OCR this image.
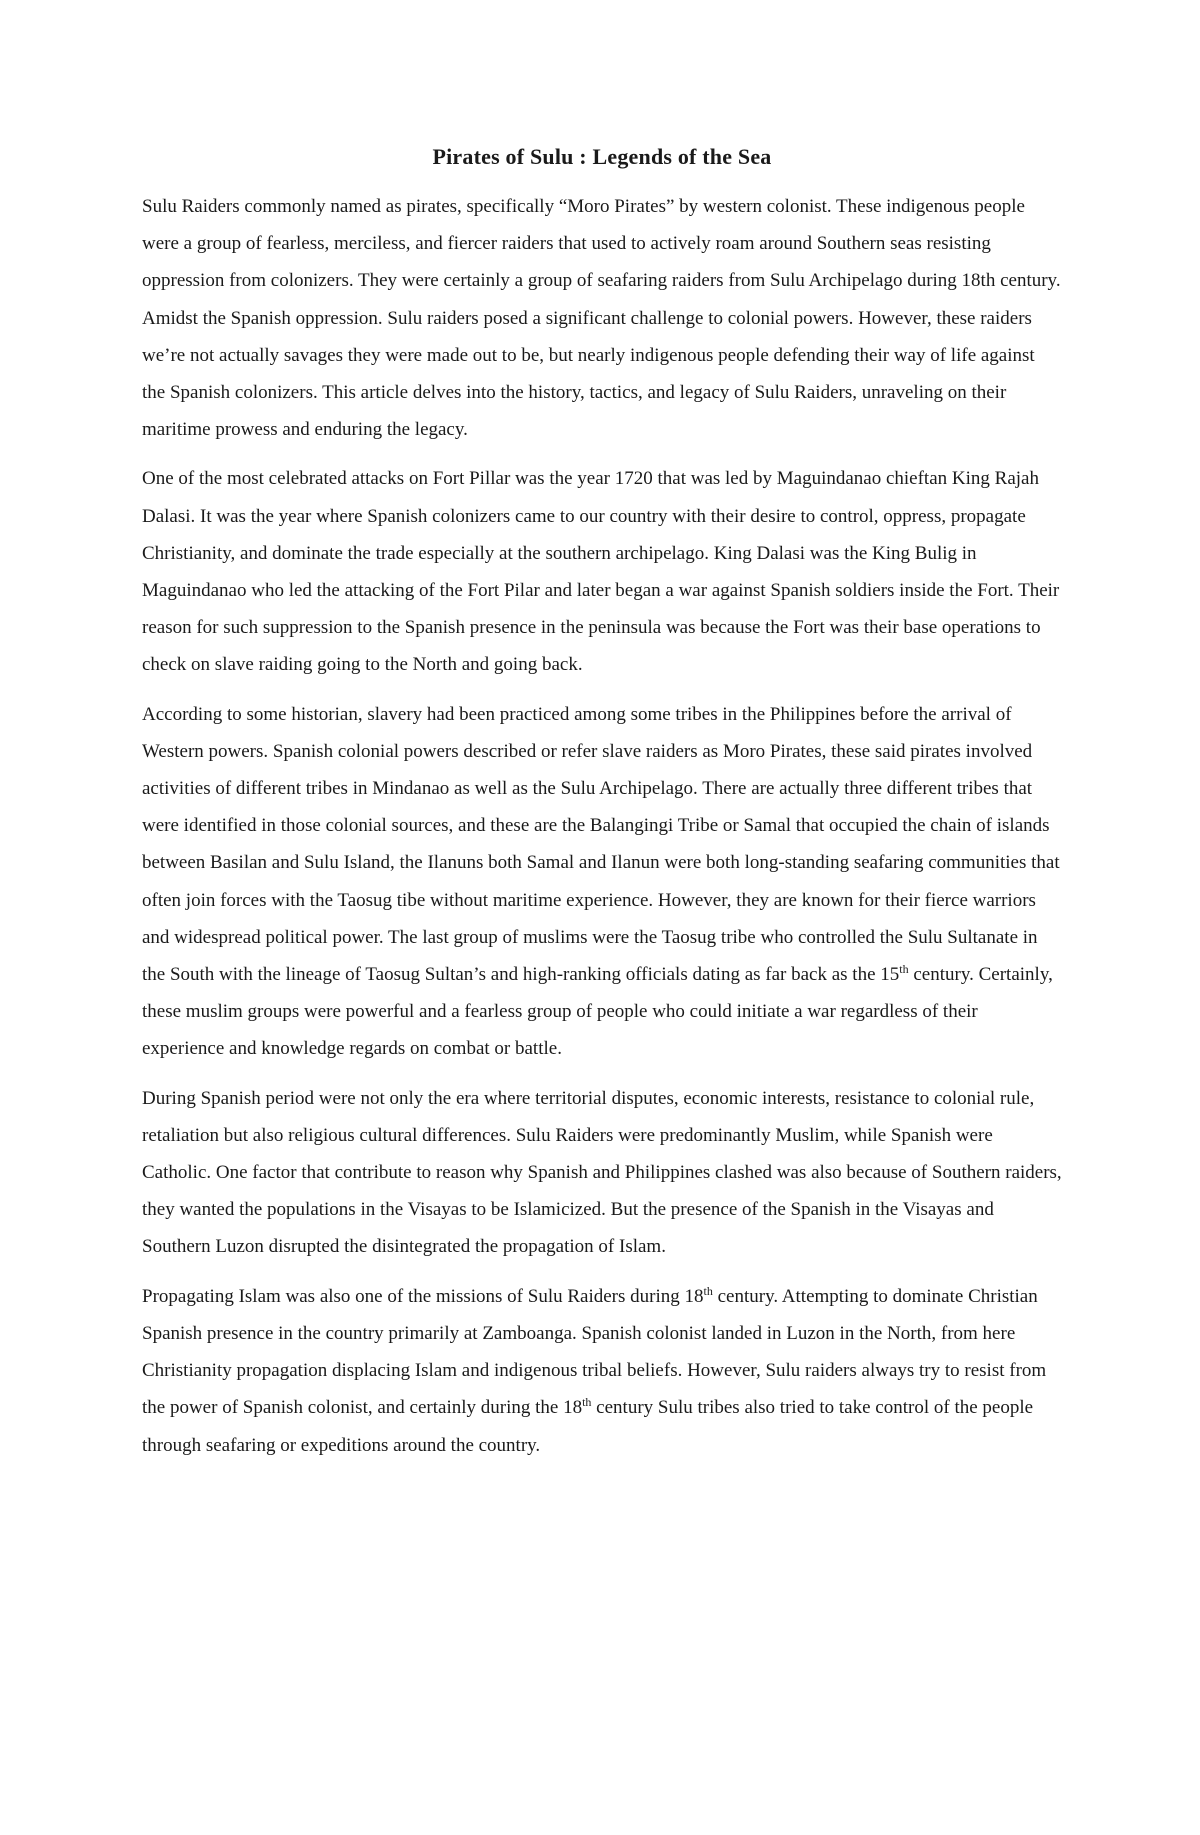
Pirates of Sulu : Legends of the Sea

Sulu Raiders commonly named as pirates, specifically “Moro Pirates” by western colonist. These indigenous people were a group of fearless, merciless, and fiercer raiders that used to actively roam around Southern seas resisting oppression from colonizers. They were certainly a group of seafaring raiders from Sulu Archipelago during 18th century. Amidst the Spanish oppression. Sulu raiders posed a significant challenge to colonial powers. However, these raiders we’re not actually savages they were made out to be, but nearly indigenous people defending their way of life against the Spanish colonizers. This article delves into the history, tactics, and legacy of Sulu Raiders, unraveling on their maritime prowess and enduring the legacy.

One of the most celebrated attacks on Fort Pillar was the year 1720 that was led by Maguindanao chieftan King Rajah Dalasi. It was the year where Spanish colonizers came to our country with their desire to control, oppress, propagate Christianity, and dominate the trade especially at the southern archipelago. King Dalasi was the King Bulig in Maguindanao who led the attacking of the Fort Pilar and later began a war against Spanish soldiers inside the Fort. Their reason for such suppression to the Spanish presence in the peninsula was because the Fort was their base operations to check on slave raiding going to the North and going back.

According to some historian, slavery had been practiced among some tribes in the Philippines before the arrival of Western powers. Spanish colonial powers described or refer slave raiders as Moro Pirates, these said pirates involved activities of different tribes in Mindanao as well as the Sulu Archipelago. There are actually three different tribes that were identified in those colonial sources, and these are the Balangingi Tribe or Samal that occupied the chain of islands between Basilan and Sulu Island, the Ilanuns both Samal and Ilanun were both long-standing seafaring communities that often join forces with the Taosug tibe without maritime experience. However, they are known for their fierce warriors and widespread political power. The last group of muslims were the Taosug tribe who controlled the Sulu Sultanate in the South with the lineage of Taosug Sultan’s and high-ranking officials dating as far back as the 15th century. Certainly, these muslim groups were powerful and a fearless group of people who could initiate a war regardless of their experience and knowledge regards on combat or battle.

During Spanish period were not only the era where territorial disputes, economic interests, resistance to colonial rule, retaliation but also religious cultural differences. Sulu Raiders were predominantly Muslim, while Spanish were Catholic. One factor that contribute to reason why Spanish and Philippines clashed was also because of Southern raiders, they wanted the populations in the Visayas to be Islamicized. But the presence of the Spanish in the Visayas and Southern Luzon disrupted the disintegrated the propagation of Islam.

Propagating Islam was also one of the missions of Sulu Raiders during 18th century. Attempting to dominate Christian Spanish presence in the country primarily at Zamboanga. Spanish colonist landed in Luzon in the North, from here Christianity propagation displacing Islam and indigenous tribal beliefs. However, Sulu raiders always try to resist from the power of Spanish colonist, and certainly during the 18th century Sulu tribes also tried to take control of the people through seafaring or expeditions around the country.
